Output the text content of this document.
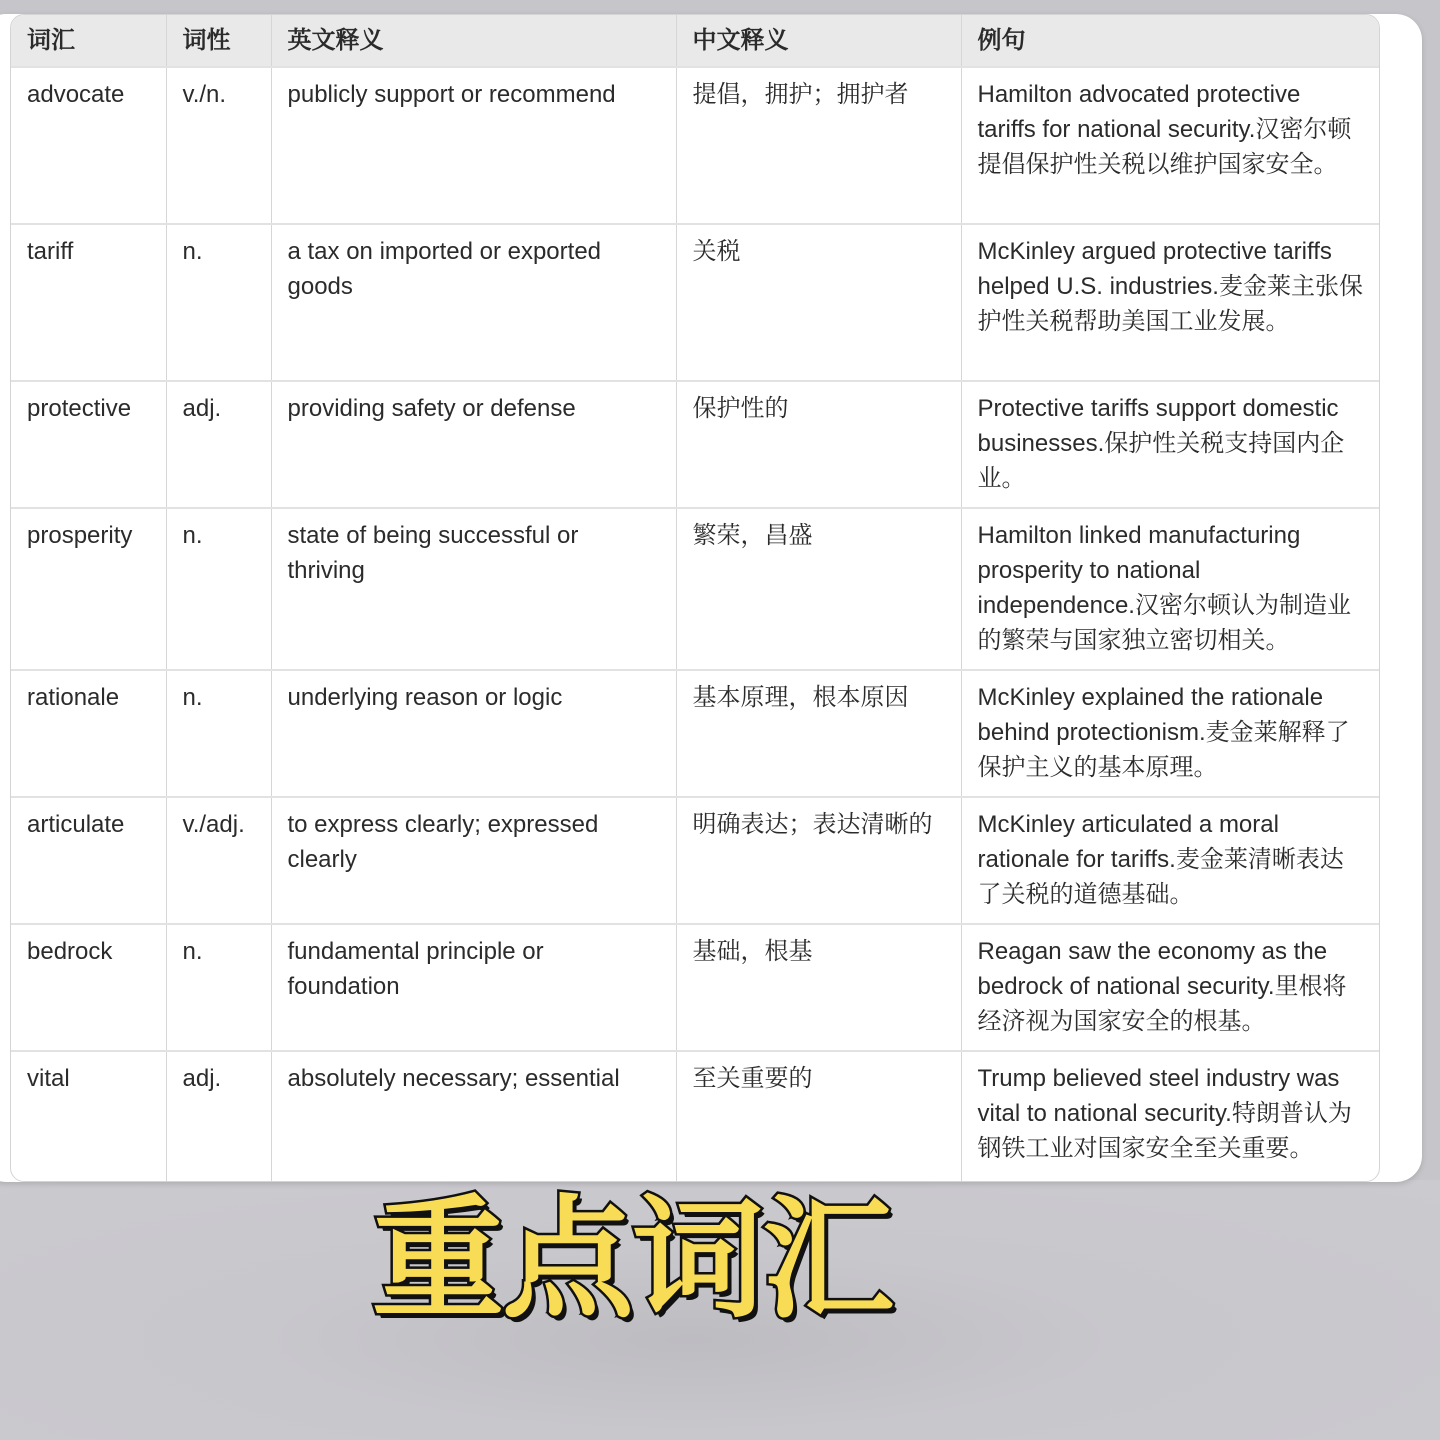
词汇	词性	英文释义	中文释义	例句
advocate	v./n.	publicly support or recommend	提倡，拥护；拥护者	Hamilton advocated protective tariffs for national security.汉密尔顿提倡保护性关税以维护国家安全。
tariff	n.	a tax on imported or exported goods	关税	McKinley argued protective tariffs helped U.S. industries.麦金莱主张保护性关税帮助美国工业发展。
protective	adj.	providing safety or defense	保护性的	Protective tariffs support domestic businesses.保护性关税支持国内企业。
prosperity	n.	state of being successful or thriving	繁荣，昌盛	Hamilton linked manufacturing prosperity to national independence.汉密尔顿认为制造业的繁荣与国家独立密切相关。
rationale	n.	underlying reason or logic	基本原理，根本原因	McKinley explained the rationale behind protectionism.麦金莱解释了保护主义的基本原理。
articulate	v./adj.	to express clearly; expressed clearly	明确表达；表达清晰的	McKinley articulated a moral rationale for tariffs.麦金莱清晰表达了关税的道德基础。
bedrock	n.	fundamental principle or foundation	基础，根基	Reagan saw the economy as the bedrock of national security.里根将经济视为国家安全的根基。
vital	adj.	absolutely necessary; essential	至关重要的	Trump believed steel industry was vital to national security.特朗普认为钢铁工业对国家安全至关重要。
重点词汇
